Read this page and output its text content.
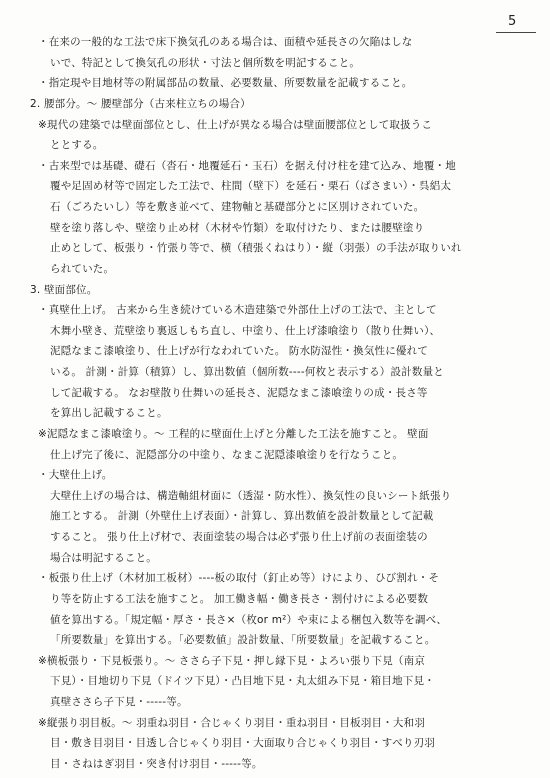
5
・在来の一般的な工法で床下換気孔のある場合は、面積や延長さの欠陥はしな
いで、特記として換気孔の形状・寸法と個所数を明記すること。
・指定現や目地材等の附属部品の数量、必要数量、所要数量を記載すること。
2. 腰部分。～ 腰壁部分（古来柱立ちの場合）
※現代の建築では壁面部位とし、仕上げが異なる場合は壁面腰部位として取扱うこ
ととする。
・古来型では基礎、礎石（沓石・地覆延石・玉石）を据え付け柱を建て込み、地覆・地
覆や足固め材等で固定した工法で、柱間（壁下）を延石・栗石（ばさまい）・呉絽太
石（ごろたいし）等を敷き並べて、建物軸と基礎部分とに区別けされていた。
壁を塗り落しや、壁塗り止め材（木材や竹類）を取付けたり、または腰壁塗り
止めとして、板張り・竹張り等で、横（積張くねはり）・縦（羽張）の手法が取りいれ
られていた。
3. 壁面部位。
・真壁仕上げ。 古来から生き続けている木造建築で外部仕上げの工法で、主として
木舞小壁き、荒壁塗り裏返しもち直し、中塗り、仕上げ漆喰塗り（散り仕舞い）、
泥隠なまこ漆喰塗り、仕上げが行なわれていた。 防水防湿性・換気性に優れて
いる。 計測・計算（積算）し、算出数値（個所数----何枚と表示する）設計数量と
して記載する。 なお壁散り仕舞いの延長さ、泥隠なまこ漆喰塗りの成・長さ等
を算出し記載すること。
※泥隠なまこ漆喰塗り。～ 工程的に壁面仕上げと分離した工法を施すこと。 壁面
仕上げ完了後に、泥隠部分の中塗り、なまこ泥隠漆喰塗りを行なうこと。
・大壁仕上げ。
大壁仕上げの場合は、構造軸組材面に（透湿・防水性）、換気性の良いシート紙張り
施工とする。 計測（外壁仕上げ表面）・計算し、算出数値を設計数量として記載
すること。 張り仕上げ材で、表面塗装の場合は必ず張り仕上げ前の表面塗装の
場合は明記すること。
・板張り仕上げ（木材加工板材）----板の取付（釘止め等）けにより、ひび割れ・そ
り等を防止する工法を施すこと。 加工働き幅・働き長さ・割付けによる必要数
値を算出する。「規定幅・厚さ・長さ×（枚or m²）や束による梱包入数等を調べ、
「所要数量」を算出する。「必要数値」設計数量、「所要数量」を記載すること。
※横板張り・下見板張り。～ ささら子下見・押し縁下見・よろい張り下見（南京
下見）・目地切り下見（ドイツ下見）・凸目地下見・丸太組み下見・箱目地下見・
真壁ささら子下見・-----等。
※縦張り羽目板。～ 羽重ね羽目・合じゃくり羽目・重ね羽目・目板羽目・大和羽
目・敷き目羽目・目透し合じゃくり羽目・大面取り合じゃくり羽目・すべり刃羽
目・さねはぎ羽目・突き付け羽目・-----等。
